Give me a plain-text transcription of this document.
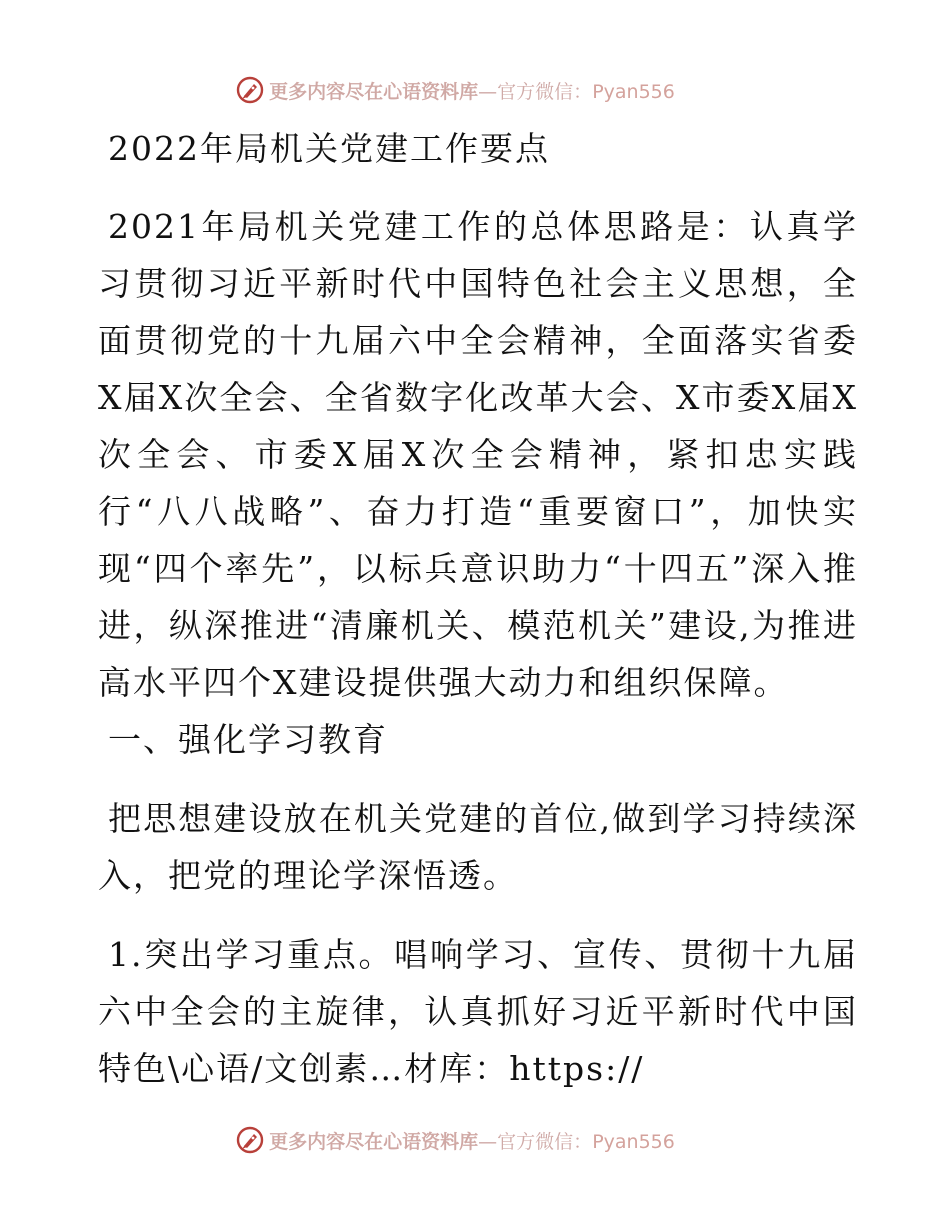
更多内容尽在心语资料库—官方微信：Pyan556

2022年局机关党建工作要点

2021年局机关党建工作的总体思路是：认真学习贯彻习近平新时代中国特色社会主义思想，全面贯彻党的十九届六中全会精神，全面落实省委X届X次全会、全省数字化改革大会、X市委X届X次全会、市委X届X次全会精神，紧扣忠实践行“八八战略”、奋力打造“重要窗口”，加快实现“四个率先”，以标兵意识助力“十四五”深入推进，纵深推进“清廉机关、模范机关”建设,为推进高水平四个X建设提供强大动力和组织保障。

一、强化学习教育

把思想建设放在机关党建的首位,做到学习持续深入，把党的理论学深悟透。

1.突出学习重点。唱响学习、宣传、贯彻十九届六中全会的主旋律，认真抓好习近平新时代中国特色\心语/文创素…材库：https://

更多内容尽在心语资料库—官方微信：Pyan556
